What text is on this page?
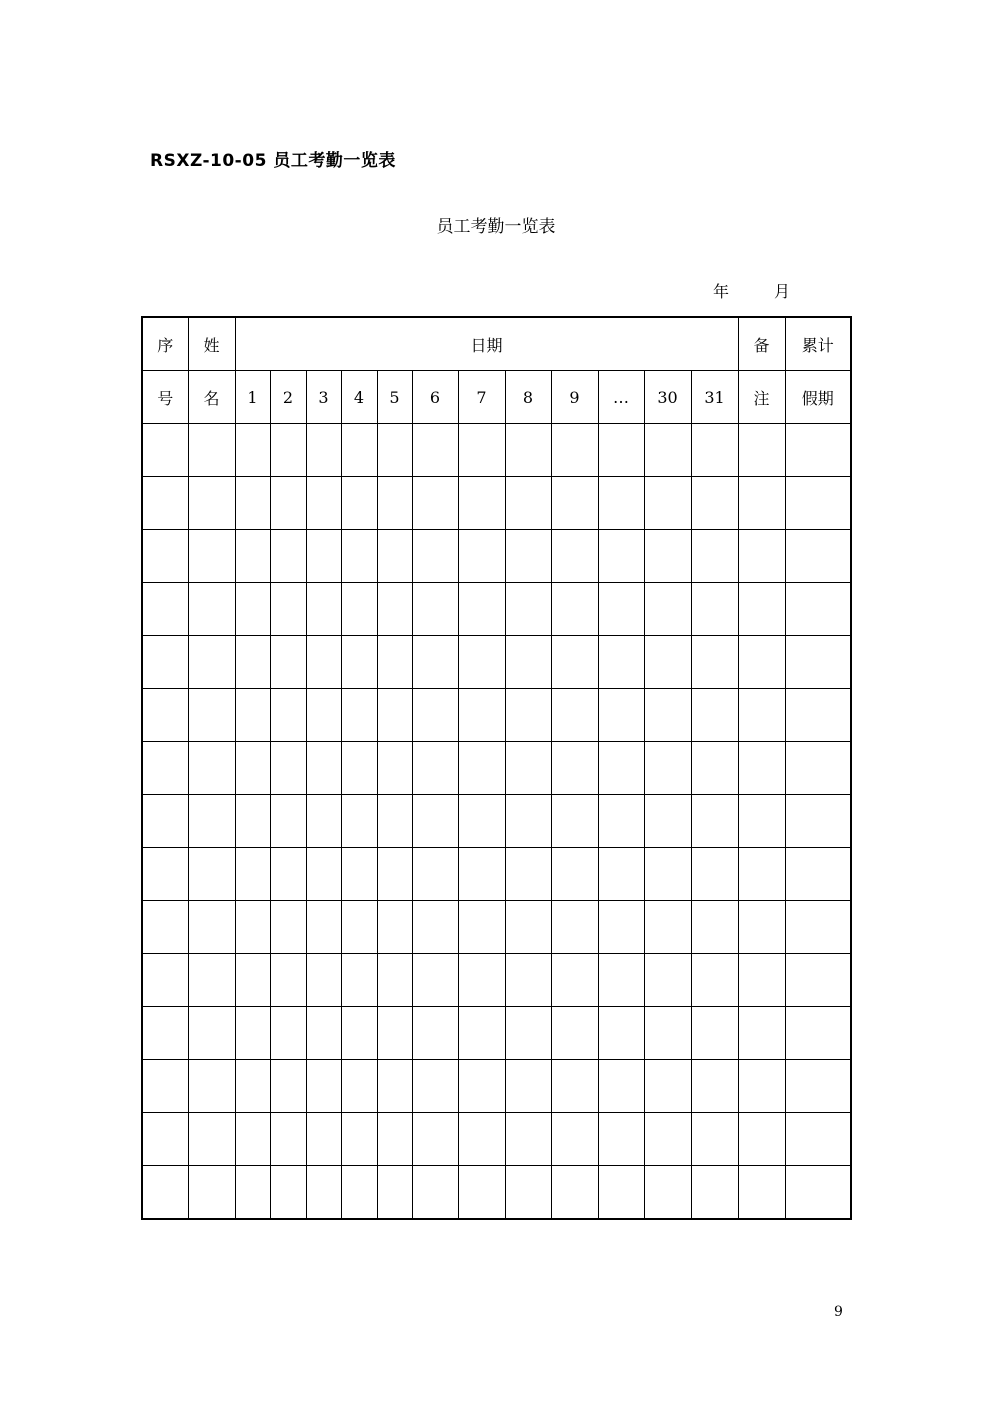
RSXZ-10-05 员工考勤一览表
员工考勤一览表
年	月
序	姓	日期												备	累计
号	名	1	2	3	4	5	6	7	8	9	…	30	31	注	假期

9
